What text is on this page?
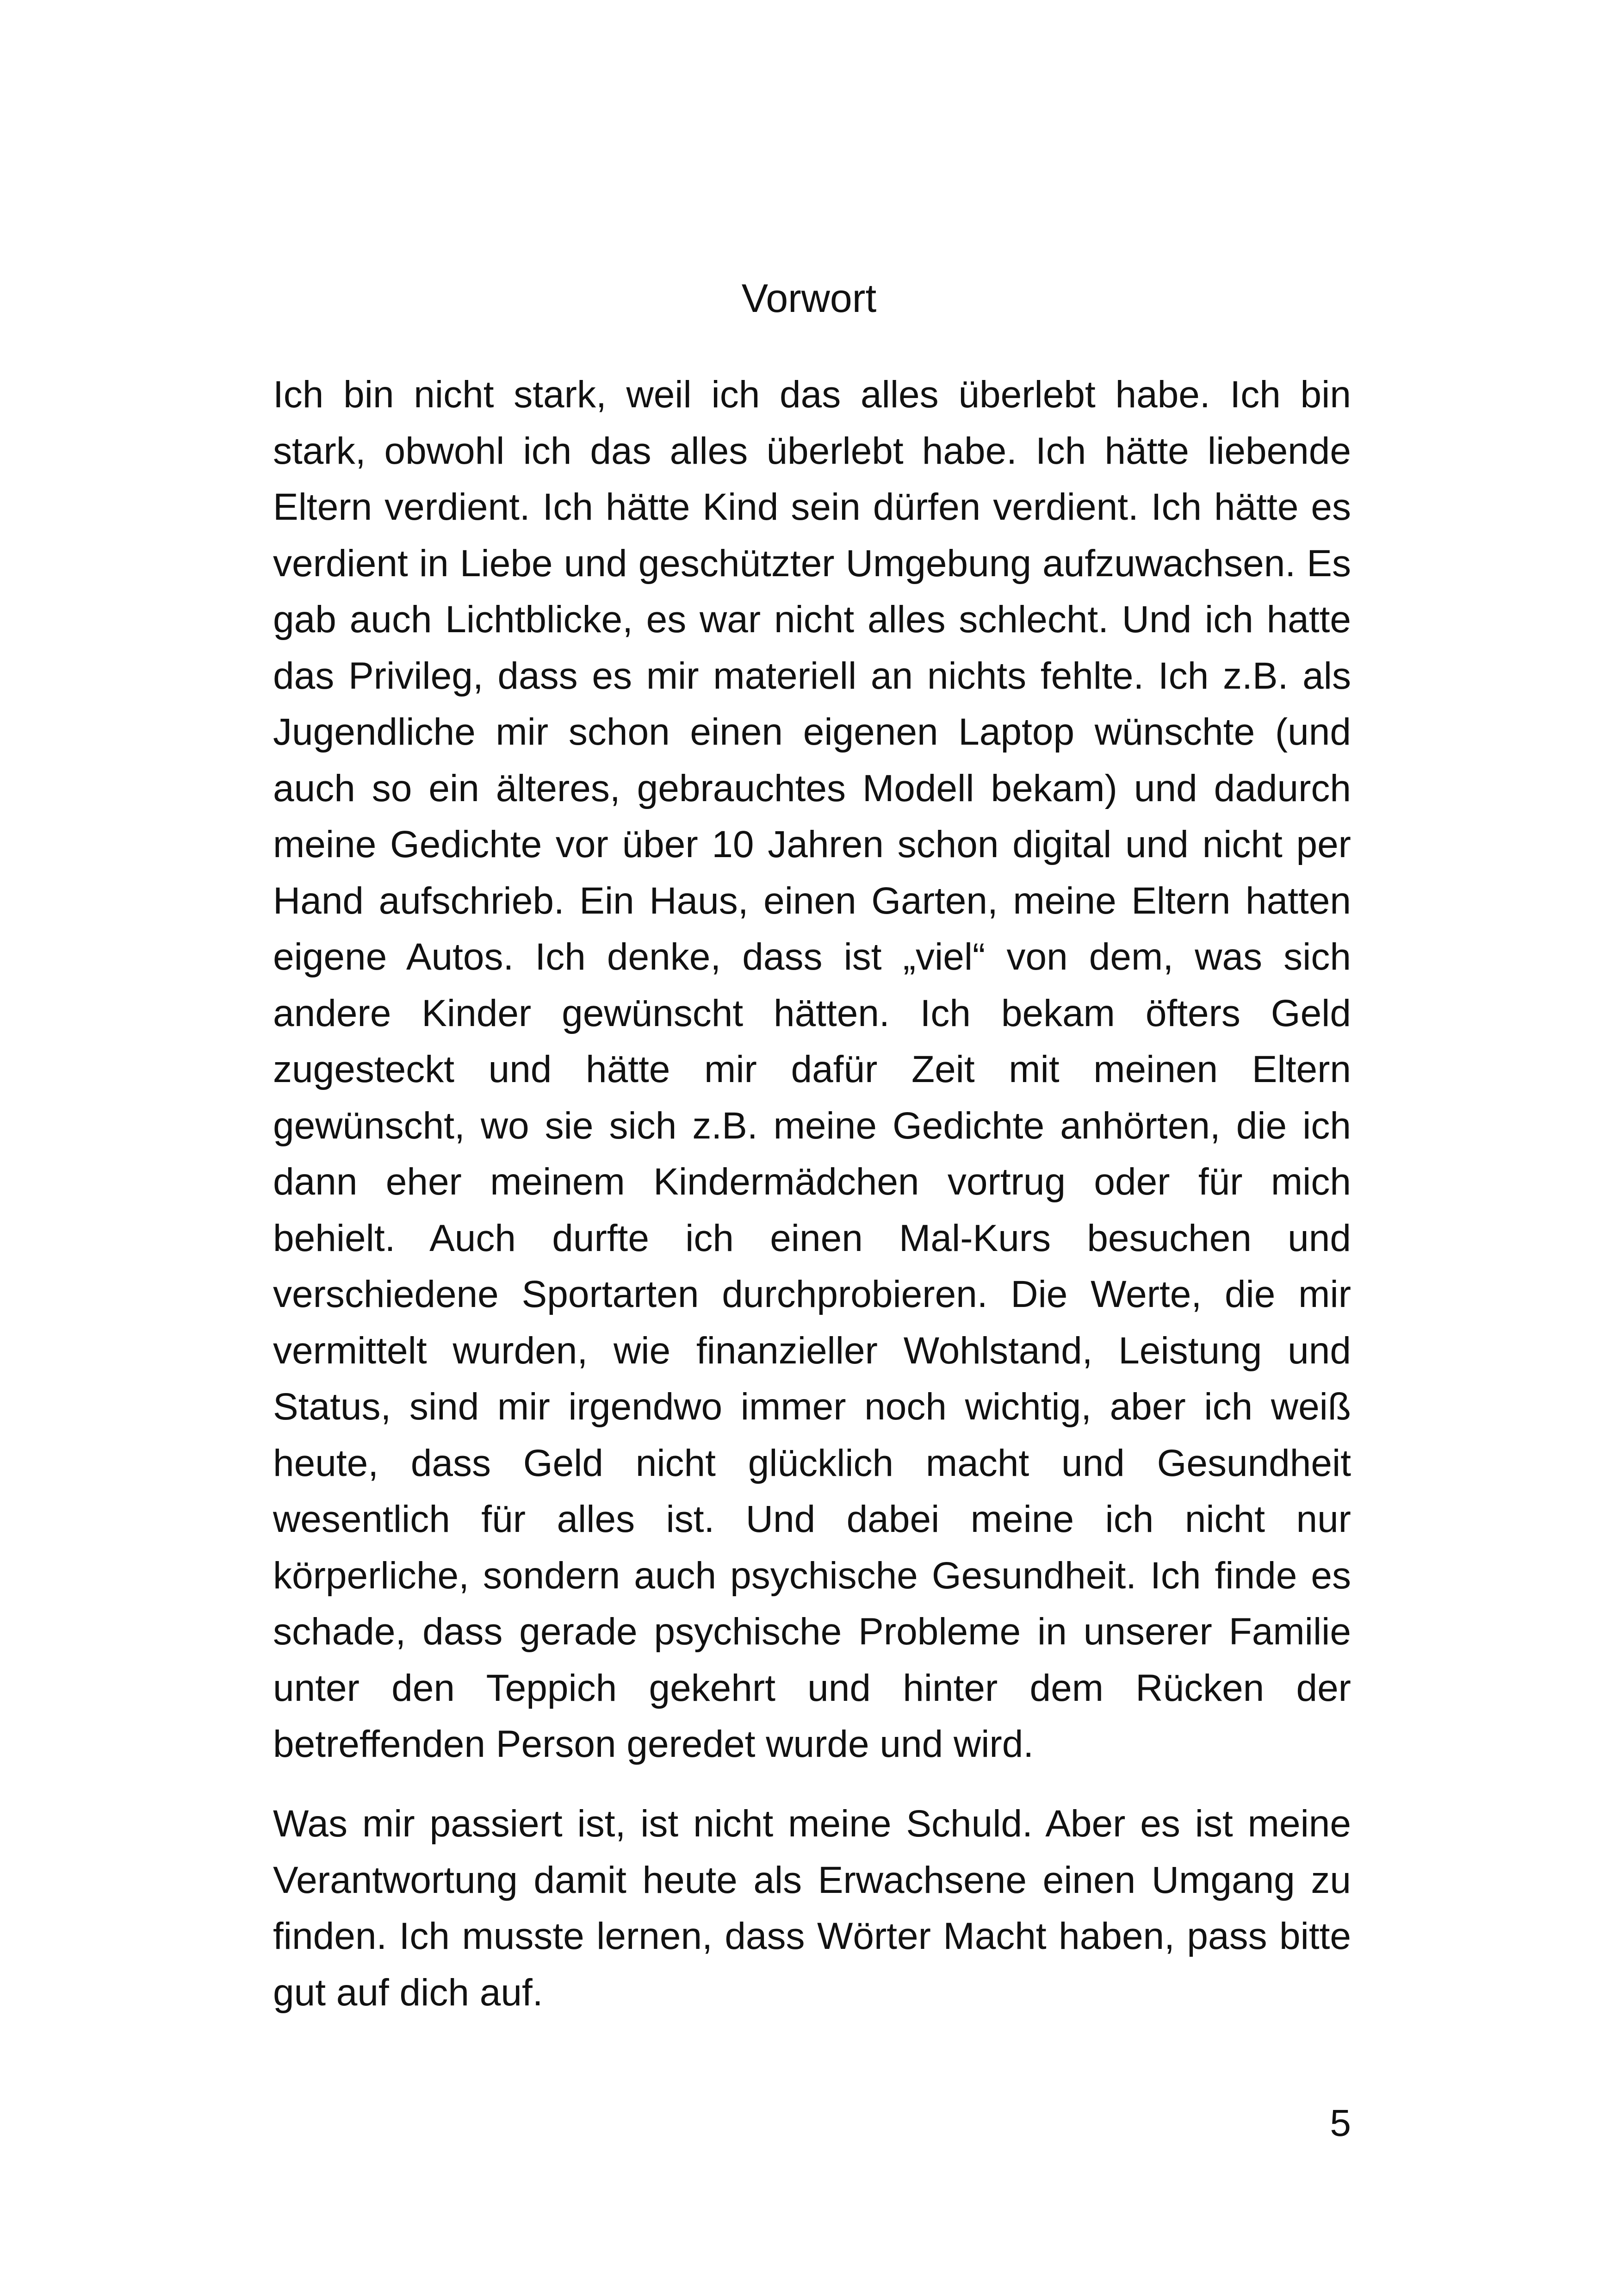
Vorwort

Ich bin nicht stark, weil ich das alles überlebt habe. Ich bin stark, obwohl ich das alles überlebt habe. Ich hätte liebende Eltern verdient. Ich hätte Kind sein dürfen verdient. Ich hätte es verdient in Liebe und geschützter Umgebung aufzuwachsen. Es gab auch Lichtblicke, es war nicht alles schlecht. Und ich hatte das Privileg, dass es mir materiell an nichts fehlte. Ich z.B. als Jugendliche mir schon einen eigenen Laptop wünschte (und auch so ein älteres, gebrauchtes Modell bekam) und dadurch meine Gedichte vor über 10 Jahren schon digital und nicht per Hand aufschrieb. Ein Haus, einen Garten, meine Eltern hatten eigene Autos. Ich denke, dass ist „viel“ von dem, was sich andere Kinder gewünscht hätten. Ich bekam öfters Geld zugesteckt und hätte mir dafür Zeit mit meinen Eltern gewünscht, wo sie sich z.B. meine Gedichte anhörten, die ich dann eher meinem Kindermädchen vortrug oder für mich behielt. Auch durfte ich einen Mal-Kurs besuchen und verschiedene Sportarten durchprobieren. Die Werte, die mir vermittelt wurden, wie finanzieller Wohlstand, Leistung und Status, sind mir irgendwo immer noch wichtig, aber ich weiß heute, dass Geld nicht glücklich macht und Gesundheit wesentlich für alles ist. Und dabei meine ich nicht nur körperliche, sondern auch psychische Gesundheit. Ich finde es schade, dass gerade psychische Probleme in unserer Familie unter den Teppich gekehrt und hinter dem Rücken der betreffenden Person geredet wurde und wird.

Was mir passiert ist, ist nicht meine Schuld. Aber es ist meine Verantwortung damit heute als Erwachsene einen Umgang zu finden. Ich musste lernen, dass Wörter Macht haben, pass bitte gut auf dich auf.

5
